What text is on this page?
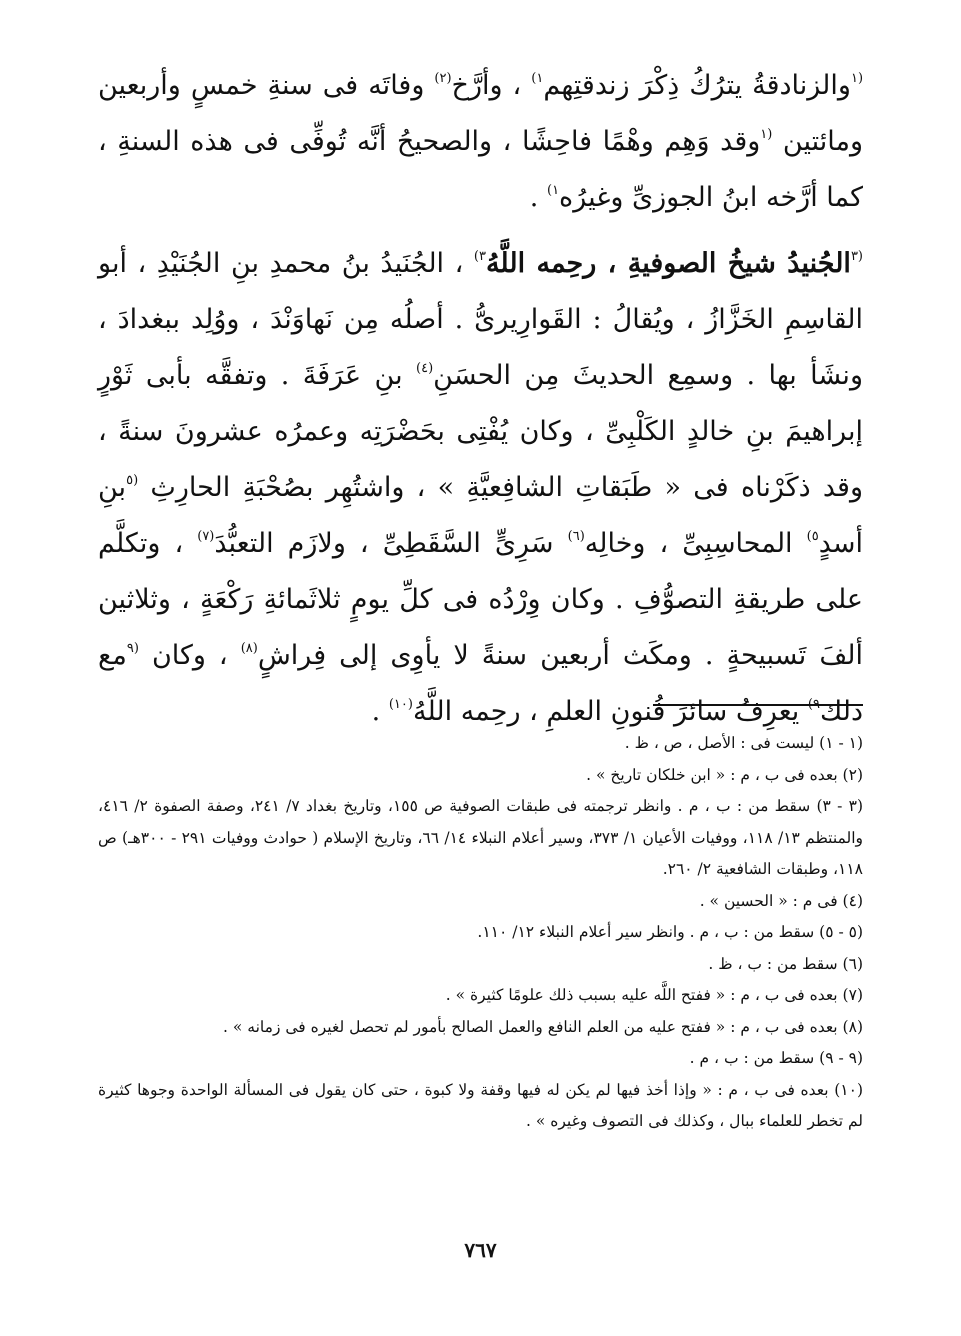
$^{(١}$والزنادقةُ يترُكُ ذِكْرَ زندقتِهم$^{١)}$ ، وأرَّخ$^{(٢)}$ وفاتَه فى سنةِ خمسٍ وأربعين ومائتين $^{(١}$وقد وَهِم وهْمًا فاحِشًا ، والصحيحُ أنَّه تُوفِّى فى هذه السنةِ ، كما أرَّخه ابنُ الجوزىِّ وغيرُه$^{١)}$ .

$^{(٣}$الجُنيدُ شيخُ الصوفيةِ ، رحِمه اللَّهُ$^{٣)}$ ، الجُنَيدُ بنُ محمدِ بنِ الجُنَيْدِ ، أبو القاسِمِ الخَزَّازُ ، ويُقالُ : القَوارِيرىُّ . أصلُه مِن نَهاوَنْدَ ، ووُلِد ببغدادَ ، ونشَأ بها . وسمِع الحديثَ مِن الحسَنِ$^{(٤)}$ بنِ عَرَفَةَ . وتفقَّه بأبى ثَوْرٍ إبراهيمَ بنِ خالدٍ الكَلْبِىِّ ، وكان يُفْتِى بحَضْرَتِه وعمرُه عشرونَ سنةً ، وقد ذكَرْناه فى « طَبَقاتِ الشافِعيَّةِ » ، واشتُهِر بصُحْبَةِ الحارِثِ $^{(٥}$بنِ أسدٍ$^{٥)}$ المحاسِبِىِّ ، وخالِه$^{(٦)}$ سَرِىٍّ السَّقَطِىِّ ، ولازَم التعبُّدَ$^{(٧)}$ ، وتكلَّم على طريقةِ التصوُّفِ . وكان وِرْدُه فى كلِّ يومٍ ثلاثَمائةِ رَكْعَةٍ ، وثلاثين ألفَ تَسبيحةٍ . ومكَث أربعين سنةً لا يأوِى إلى فِراشٍ$^{(٨)}$ ، وكان $^{(٩}$مع ذلك$^{٩)}$ يعرِفُ سائرَ فُنونِ العلمِ ، رحِمه اللَّهُ$^{(١٠)}$ .

(١ - ١) ليست فى : الأصل ، ص ، ظ .

(٢) بعده فى ب ، م : « ابن خلكان تاريخ » .

(٣ - ٣) سقط من : ب ، م . وانظر ترجمته فى طبقات الصوفية ص ١٥٥، وتاريخ بغداد ٧/ ٢٤١، وصفة الصفوة ٢/ ٤١٦، والمنتظم ١٣/ ١١٨، ووفيات الأعيان ١/ ٣٧٣، وسير أعلام النبلاء ١٤/ ٦٦، وتاريخ الإسلام ( حوادث ووفيات ٢٩١ - ٣٠٠هـ) ص ١١٨، وطبقات الشافعية ٢/ ٢٦٠.

(٤) فى م : « الحسين » .

(٥ - ٥) سقط من : ب ، م . وانظر سير أعلام النبلاء ١٢/ ١١٠.

(٦) سقط من : ب ، ظ .

(٧) بعده فى ب ، م : « ففتح اللَّه عليه بسبب ذلك علومًا كثيرة » .

(٨) بعده فى ب ، م : « ففتح عليه من العلم النافع والعمل الصالح بأمور لم تحصل لغيره فى زمانه » .

(٩ - ٩) سقط من : ب ، م .

(١٠) بعده فى ب ، م : « وإذا أخذ فيها لم يكن له فيها وقفة ولا كبوة ، حتى كان يقول فى المسألة الواحدة وجوها كثيرة لم تخطر للعلماء ببال ، وكذلك فى التصوف وغيره » .

٧٦٧
